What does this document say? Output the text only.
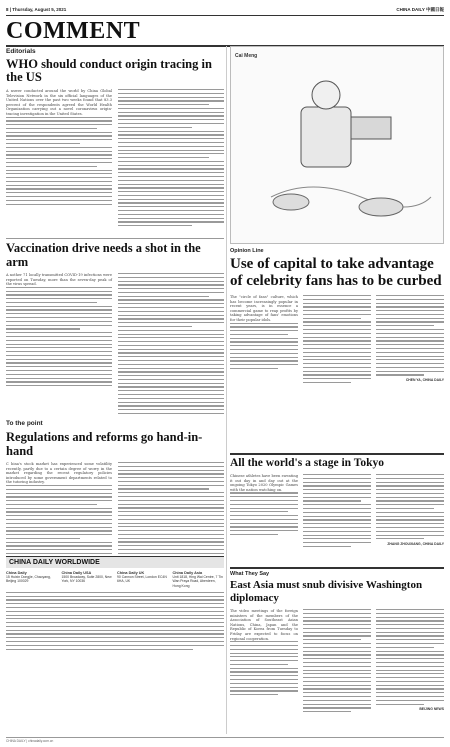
8 | Thursday, August 5, 2021	CHINA DAILY 中國日報
COMMENT
Editorials
WHO should conduct origin tracing in the US
A nswer conducted around the world by China Global Television Network in the six official languages of the United Nations over the past two weeks found that 83.3 percent of the respondents agreed the World Health Organization carrying out a novel coronavirus origin-tracing investigation in the United States.
Vaccination drive needs a shot in the arm
A nother 71 locally transmitted COVID-19 infections were reported on Tuesday, more than the seven-day peak of the virus spread.
To the point
Regulations and reforms go hand-in-hand
C hina's stock market has experienced some volatility recently, partly due to a certain degree of worry in the market regarding the recent regulatory policies introduced by some government departments related to the tutoring industry.
CHINA DAILY WORLDWIDE
China Daily
15 Huixin Dongjie, Chaoyang, Beijing 100029
China Daily USA
1500 Broadway, Suite 2800, New York, NY 10036
China Daily UK
90 Cannon Street, London EC4N 6HA, UK
China Daily Asia
Unit 1818, Hing Wai Centre, 7 Tin Wan Praya Road, Aberdeen, Hong Kong
Cai Meng
Opinion Line
Use of capital to take advantage of celebrity fans has to be curbed
The "circle of fans" culture, which has become increasingly popular in recent years, is in essence a commercial game to reap profits by taking advantage of fans' emotions for their popular idols.
CHEN YA, CHINA DAILY
All the world's a stage in Tokyo
Chinese athletes have been sweating it out day in and day out at the ongoing Tokyo 2020 Olympic Games with the nation watching on.
ZHANG ZHOUXIANG, CHINA DAILY
What They Say
East Asia must snub divisive Washington diplomacy
The video meetings of the foreign ministers of the members of the Association of Southeast Asian Nations, China, Japan and the Republic of Korea from Tuesday to Friday are expected to focus on regional cooperation.
BEIJING NEWS
CHINA DAILY | chinadaily.com.cn
